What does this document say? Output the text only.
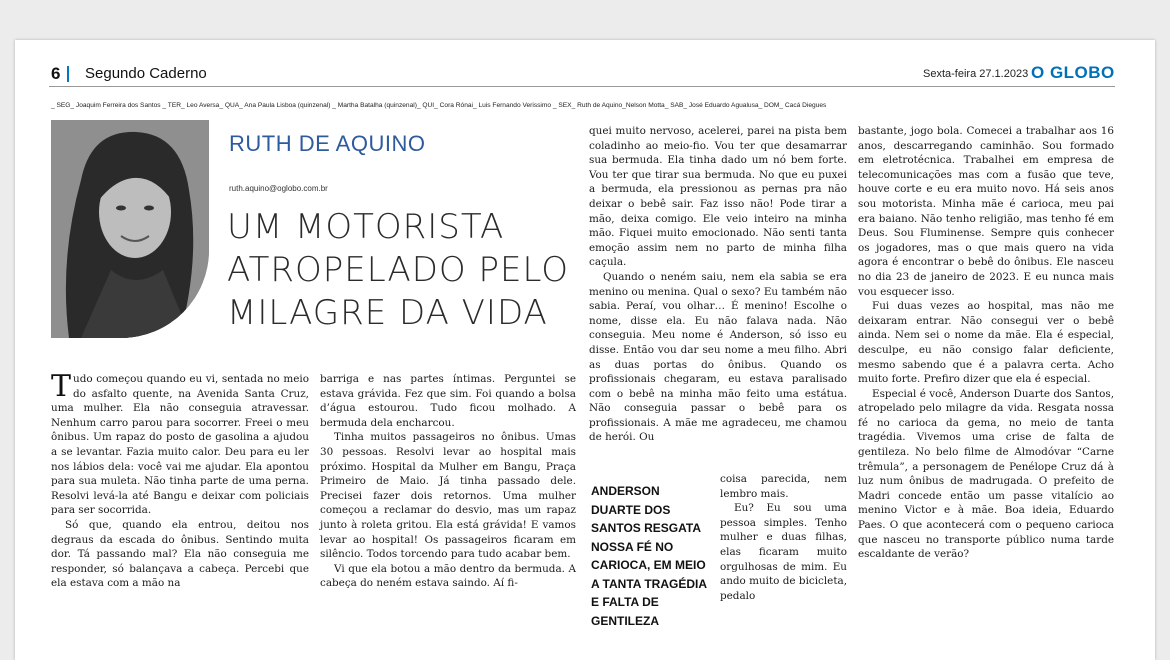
6 Segundo Caderno	Sexta-feira 27.1.2023 O GLOBO
_ SEG_ Joaquim Ferreira dos Santos _ TER_ Leo Aversa_ QUA_ Ana Paula Lisboa (quinzenal) _ Martha Batalha (quinzenal)_ QUI_ Cora Rónai_ Luis Fernando Verissimo _ SEX_ Ruth de Aquino_Nelson Motta_ SÁB_ José Eduardo Agualusa_ DOM_ Cacá Diegues
RUTH DE AQUINO
ruth.aquino@oglobo.com.br
UM MOTORISTA ATROPELADO PELO MILAGRE DA VIDA

Tudo começou quando eu vi, sentada no meio do asfalto quente, na Avenida Santa Cruz, uma mulher. Ela não conseguia atravessar. Nenhum carro parou para socorrer. Freei o meu ônibus. Um rapaz do posto de gasolina a ajudou a se levantar. Fazia muito calor. Deu para eu ler nos lábios dela: você vai me ajudar. Ela apontou para sua muleta. Não tinha parte de uma perna. Resolvi levá-la até Bangu e deixar com policiais para ser socorrida.

Só que, quando ela entrou, deitou nos degraus da escada do ônibus. Sentindo muita dor. Tá passando mal? Ela não conseguia me responder, só balançava a cabeça. Percebi que ela estava com a mão na

barriga e nas partes íntimas. Perguntei se estava grávida. Fez que sim. Foi quando a bolsa d’água estourou. Tudo ficou molhado. A bermuda dela encharcou.

Tinha muitos passageiros no ônibus. Umas 30 pessoas. Resolvi levar ao hospital mais próximo. Hospital da Mulher em Bangu, Praça Primeiro de Maio. Já tinha passado dele. Precisei fazer dois retornos. Uma mulher começou a reclamar do desvio, mas um rapaz junto à roleta gritou. Ela está grávida! E vamos levar ao hospital! Os passageiros ficaram em silêncio. Todos torcendo para tudo acabar bem.

Vi que ela botou a mão dentro da bermuda. A cabeça do neném estava saindo. Aí fi-

quei muito nervoso, acelerei, parei na pista bem coladinho ao meio-fio. Vou ter que desamarrar sua bermuda. Ela tinha dado um nó bem forte. Vou ter que tirar sua bermuda. No que eu puxei a bermuda, ela pressionou as pernas pra não deixar o bebê sair. Faz isso não! Pode tirar a mão, deixa comigo. Ele veio inteiro na minha mão. Fiquei muito emocionado. Não senti tanta emoção assim nem no parto de minha filha caçula.

Quando o neném saiu, nem ela sabia se era menino ou menina. Qual o sexo? Eu também não sabia. Peraí, vou olhar… É menino! Escolhe o nome, disse ela. Eu não falava nada. Não conseguia. Meu nome é Anderson, só isso eu disse. Então vou dar seu nome a meu filho. Abri as duas portas do ônibus. Quando os profissionais chegaram, eu estava paralisado com o bebê na minha mão feito uma estátua. Não conseguia passar o bebê para os profissionais. A mãe me agradeceu, me chamou de herói. Ou

coisa parecida, nem lembro mais.

Eu? Eu sou uma pessoa simples. Tenho mulher e duas filhas, elas ficaram muito orgulhosas de mim. Eu ando muito de bicicleta, pedalo

ANDERSON DUARTE DOS SANTOS RESGATA NOSSA FÉ NO CARIOCA, EM MEIO A TANTA TRAGÉDIA E FALTA DE GENTILEZA

bastante, jogo bola. Comecei a trabalhar aos 16 anos, descarregando caminhão. Sou formado em eletrotécnica. Trabalhei em empresa de telecomunicações mas com a fusão que teve, houve corte e eu era muito novo. Há seis anos sou motorista. Minha mãe é carioca, meu pai era baiano. Não tenho religião, mas tenho fé em Deus. Sou Fluminense. Sempre quis conhecer os jogadores, mas o que mais quero na vida agora é encontrar o bebê do ônibus. Ele nasceu no dia 23 de janeiro de 2023. E eu nunca mais vou esquecer isso.

Fui duas vezes ao hospital, mas não me deixaram entrar. Não consegui ver o bebê ainda. Nem sei o nome da mãe. Ela é especial, desculpe, eu não consigo falar deficiente, mesmo sabendo que é a palavra certa. Acho muito forte. Prefiro dizer que ela é especial.

Especial é você, Anderson Duarte dos Santos, atropelado pelo milagre da vida. Resgata nossa fé no carioca da gema, no meio de tanta tragédia. Vivemos uma crise de falta de gentileza. No belo filme de Almodóvar “Carne trêmula”, a personagem de Penélope Cruz dá à luz num ônibus de madrugada. O prefeito de Madri concede então um passe vitalício ao menino Victor e à mãe. Boa ideia, Eduardo Paes. O que acontecerá com o pequeno carioca que nasceu no transporte público numa tarde escaldante de verão?
